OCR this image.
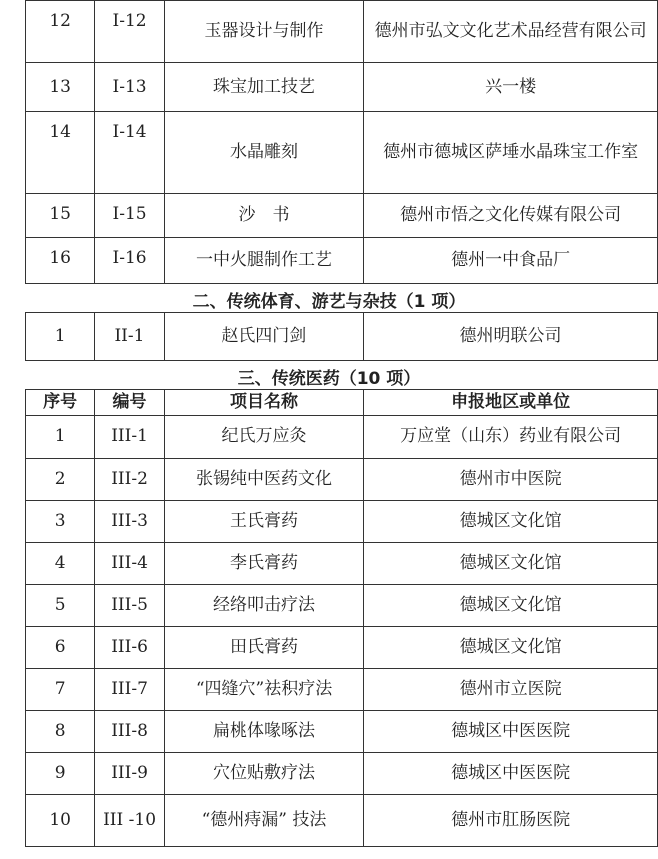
12	I-12	玉器设计与制作	德州市弘文文化艺术品经营有限公司
13	I-13	珠宝加工技艺	兴一楼
14	I-14	水晶雕刻	德州市德城区萨埵水晶珠宝工作室
15	I-15	沙　书	德州市悟之文化传媒有限公司
16	I-16	一中火腿制作工艺	德州一中食品厂
二、传统体育、游艺与杂技（1 项）
1	II-1	赵氏四门剑	德州明联公司
三、传统医药（10 项）
序号	编号	项目名称	申报地区或单位
1	III-1	纪氏万应灸	万应堂（山东）药业有限公司
2	III-2	张锡纯中医药文化	德州市中医院
3	III-3	王氏膏药	德城区文化馆
4	III-4	李氏膏药	德城区文化馆
5	III-5	经络叩击疗法	德城区文化馆
6	III-6	田氏膏药	德城区文化馆
7	III-7	“四缝穴”祛积疗法	德州市立医院
8	III-8	扁桃体喙啄法	德城区中医医院
9	III-9	穴位贴敷疗法	德城区中医医院
10	III -10	“德州痔漏” 技法	德州市肛肠医院
